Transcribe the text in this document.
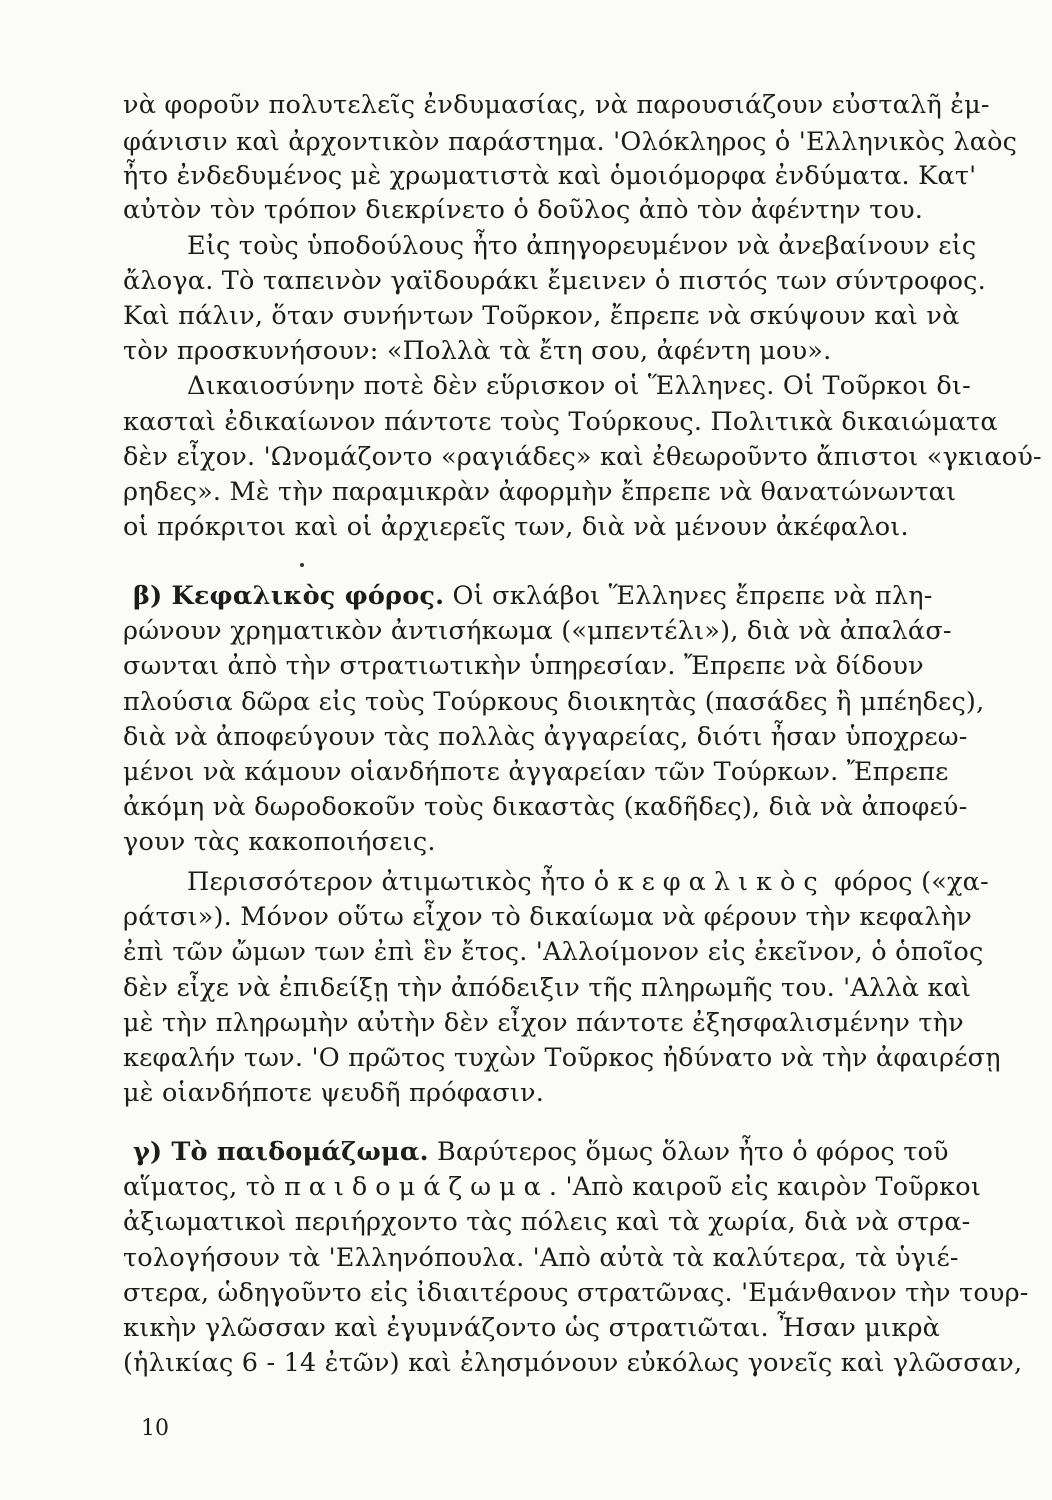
νὰ φοροῦν πολυτελεῖς ἐνδυμασίας, νὰ παρουσιάζουν εὐσταλῆ ἐμ-
φάνισιν καὶ ἀρχοντικὸν παράστημα. 'Ολόκληρος ὁ 'Ελληνικὸς λαὸς
ἦτο ἐνδεδυμένος μὲ χρωματιστὰ καὶ ὁμοιόμορφα ἐνδύματα. Κατ'
αὐτὸν τὸν τρόπον διεκρίνετο ὁ δοῦλος ἀπὸ τὸν ἀφέντην του.
Εἰς τοὺς ὑποδούλους ἦτο ἀπηγορευμένον νὰ ἀνεβαίνουν εἰς
ἄλογα. Τὸ ταπεινὸν γαϊδουράκι ἔμεινεν ὁ πιστός των σύντροφος.
Καὶ πάλιν, ὅταν συνήντων Τοῦρκον, ἔπρεπε νὰ σκύψουν καὶ νὰ
τὸν προσκυνήσουν: «Πολλὰ τὰ ἔτη σου, ἀφέντη μου».
Δικαιοσύνην ποτὲ δὲν εὕρισκον οἱ Ἕλληνες. Οἱ Τοῦρκοι δι-
κασταὶ ἐδικαίωνον πάντοτε τοὺς Τούρκους. Πολιτικὰ δικαιώματα
δὲν εἶχον. 'Ωνομάζοντο «ραγιάδες» καὶ ἐθεωροῦντο ἄπιστοι «γκιαού-
ρηδες». Μὲ τὴν παραμικρὰν ἀφορμὴν ἔπρεπε νὰ θανατώνωνται
οἱ πρόκριτοι καὶ οἱ ἀρχιερεῖς των, διὰ νὰ μένουν ἀκέφαλοι.
β) Κεφαλικὸς φόρος. Οἱ σκλάβοι Ἕλληνες ἔπρεπε νὰ πλη-
ρώνουν χρηματικὸν ἀντισήκωμα («μπεντέλι»), διὰ νὰ ἀπαλάσ-
σωνται ἀπὸ τὴν στρατιωτικὴν ὑπηρεσίαν. Ἔπρεπε νὰ δίδουν
πλούσια δῶρα εἰς τοὺς Τούρκους διοικητὰς (πασάδες ἢ μπέηδες),
διὰ νὰ ἀποφεύγουν τὰς πολλὰς ἀγγαρείας, διότι ἦσαν ὑποχρεω-
μένοι νὰ κάμουν οἱανδήποτε ἀγγαρείαν τῶν Τούρκων. Ἔπρεπε
ἀκόμη νὰ δωροδοκοῦν τοὺς δικαστὰς (καδῆδες), διὰ νὰ ἀποφεύ-
γουν τὰς κακοποιήσεις.
Περισσότερον ἀτιμωτικὸς ἦτο ὁ κεφαλικὸς φόρος («χα-
ράτσι»). Μόνον οὕτω εἶχον τὸ δικαίωμα νὰ φέρουν τὴν κεφαλὴν
ἐπὶ τῶν ὤμων των ἐπὶ ἓν ἔτος. 'Αλλοίμονον εἰς ἐκεῖνον, ὁ ὁποῖος
δὲν εἶχε νὰ ἐπιδείξῃ τὴν ἀπόδειξιν τῆς πληρωμῆς του. 'Αλλὰ καὶ
μὲ τὴν πληρωμὴν αὐτὴν δὲν εἶχον πάντοτε ἐξησφαλισμένην τὴν
κεφαλήν των. 'Ο πρῶτος τυχὼν Τοῦρκος ἠδύνατο νὰ τὴν ἀφαιρέσῃ
μὲ οἱανδήποτε ψευδῆ πρόφασιν.
γ) Τὸ παιδομάζωμα. Βαρύτερος ὅμως ὅλων ἦτο ὁ φόρος τοῦ
αἵματος, τὸ παιδομάζωμα. 'Απὸ καιροῦ εἰς καιρὸν Τοῦρκοι
ἀξιωματικοὶ περιήρχοντο τὰς πόλεις καὶ τὰ χωρία, διὰ νὰ στρα-
τολογήσουν τὰ 'Ελληνόπουλα. 'Απὸ αὐτὰ τὰ καλύτερα, τὰ ὑγιέ-
στερα, ὡδηγοῦντο εἰς ἰδιαιτέρους στρατῶνας. 'Εμάνθανον τὴν τουρ-
κικὴν γλῶσσαν καὶ ἐγυμνάζοντο ὡς στρατιῶται. Ἦσαν μικρὰ
(ἡλικίας 6 - 14 ἐτῶν) καὶ ἐλησμόνουν εὐκόλως γονεῖς καὶ γλῶσσαν,
10
